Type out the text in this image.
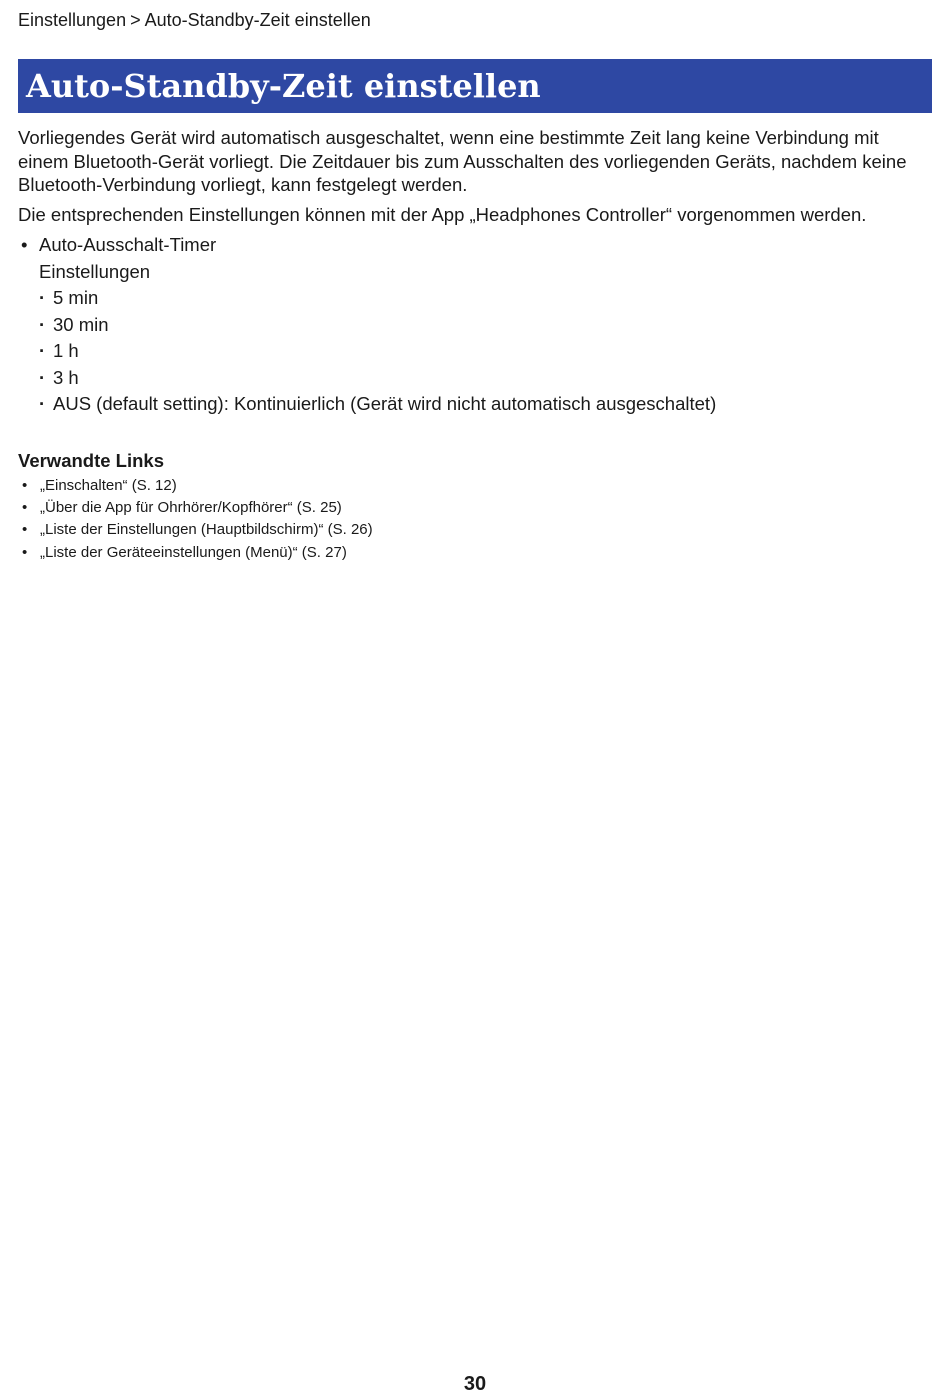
Einstellungen > Auto-Standby-Zeit einstellen
Auto-Standby-Zeit einstellen

Vorliegendes Gerät wird automatisch ausgeschaltet, wenn eine bestimmte Zeit lang keine Verbindung mit einem Bluetooth-Gerät vorliegt. Die Zeitdauer bis zum Ausschalten des vorliegenden Geräts, nachdem keine Bluetooth-Verbindung vorliegt, kann festgelegt werden.

Die entsprechenden Einstellungen können mit der App „Headphones Controller“ vorgenommen werden.

• Auto-Ausschalt-Timer
Einstellungen
· 5 min
· 30 min
· 1 h
· 3 h
· AUS (default setting): Kontinuierlich (Gerät wird nicht automatisch ausgeschaltet)
Verwandte Links
• „Einschalten“ (S. 12)
• „Über die App für Ohrhörer/Kopfhörer“ (S. 25)
• „Liste der Einstellungen (Hauptbildschirm)“ (S. 26)
• „Liste der Geräteeinstellungen (Menü)“ (S. 27)
30
